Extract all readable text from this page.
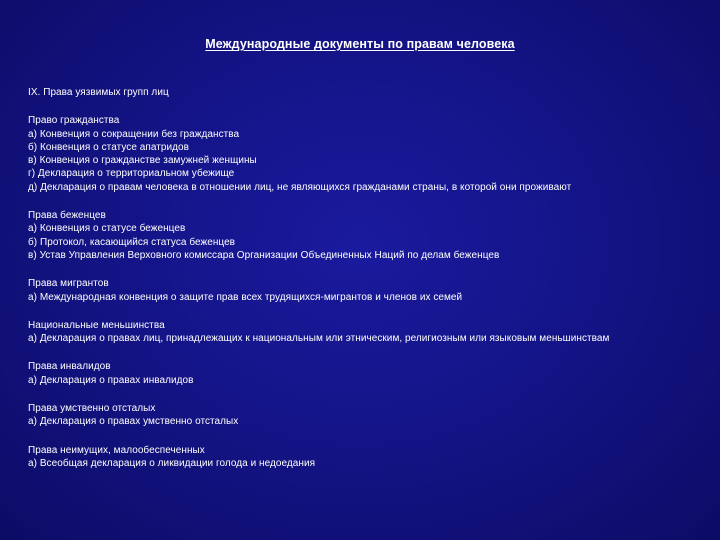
Международные документы по правам человека
IX. Права уязвимых групп лиц
Право гражданства
а) Конвенция о сокращении без гражданства
б) Конвенция о статусе апатридов
в) Конвенция о гражданстве замужней женщины
г) Декларация о территориальном убежище
д) Декларация о правам человека в отношении лиц, не являющихся гражданами страны, в которой они проживают
Права беженцев
а) Конвенция о статусе беженцев
б) Протокол, касающийся статуса беженцев
в) Устав Управления Верховного комиссара Организации Объединенных Наций по делам беженцев
Права мигрантов
а) Международная конвенция о защите прав всех трудящихся-мигрантов и членов их семей
Национальные меньшинства
а) Декларация о правах лиц, принадлежащих к национальным или этническим, религиозным или языковым меньшинствам
Права инвалидов
а) Декларация о правах инвалидов
Права умственно отсталых
а) Декларация о правах умственно отсталых
Права неимущих, малообеспеченных
а) Всеобщая декларация о ликвидации голода и недоедания
